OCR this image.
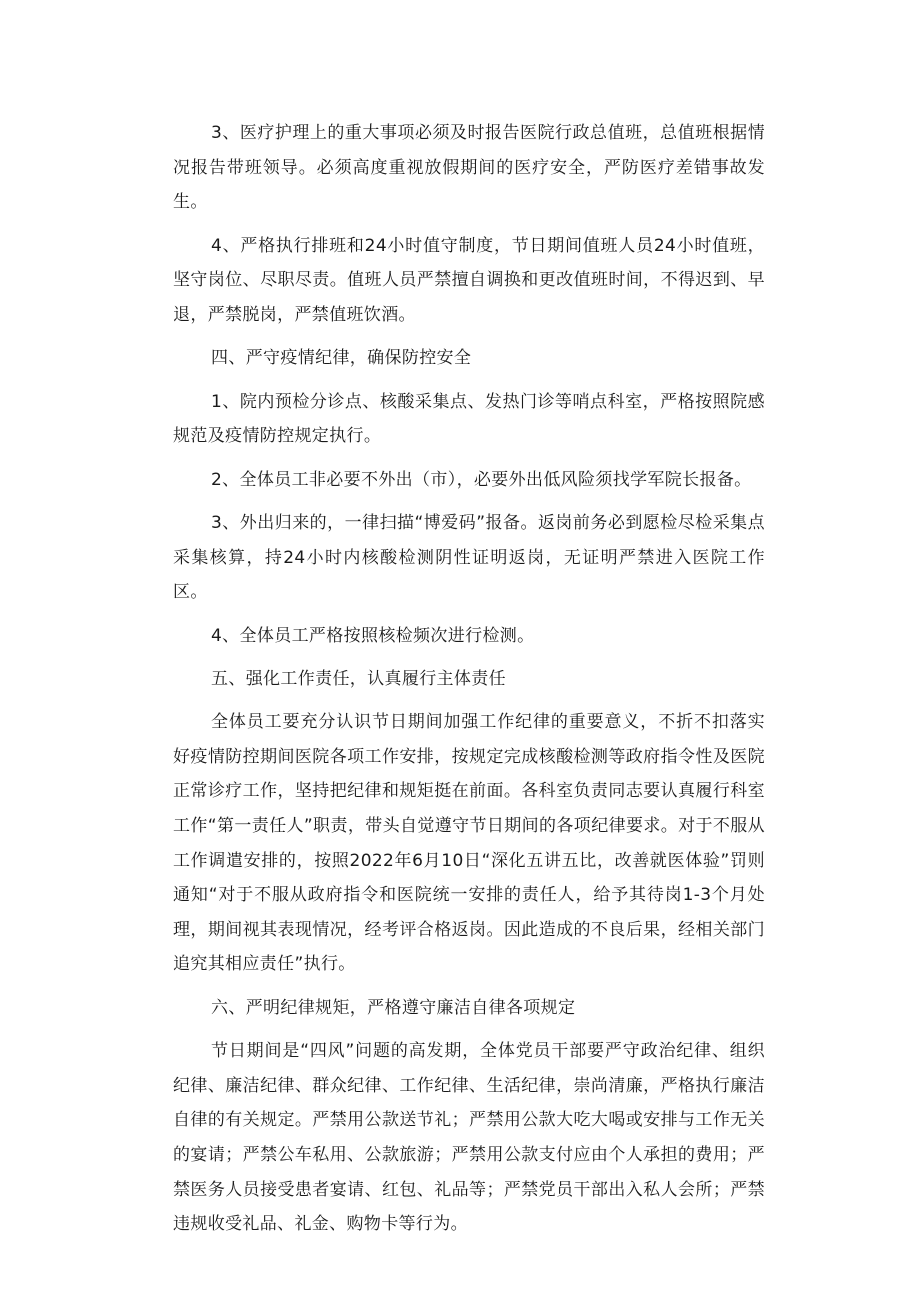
3、医疗护理上的重大事项必须及时报告医院行政总值班，总值班根据情况报告带班领导。必须高度重视放假期间的医疗安全，严防医疗差错事故发生。

4、严格执行排班和24小时值守制度，节日期间值班人员24小时值班，坚守岗位、尽职尽责。值班人员严禁擅自调换和更改值班时间，不得迟到、早退，严禁脱岗，严禁值班饮酒。

四、严守疫情纪律，确保防控安全

1、院内预检分诊点、核酸采集点、发热门诊等哨点科室，严格按照院感规范及疫情防控规定执行。

2、全体员工非必要不外出（市），必要外出低风险须找学军院长报备。

3、外出归来的，一律扫描“博爱码”报备。返岗前务必到愿检尽检采集点采集核算，持24小时内核酸检测阴性证明返岗，无证明严禁进入医院工作区。

4、全体员工严格按照核检频次进行检测。

五、强化工作责任，认真履行主体责任

全体员工要充分认识节日期间加强工作纪律的重要意义，不折不扣落实好疫情防控期间医院各项工作安排，按规定完成核酸检测等政府指令性及医院正常诊疗工作，坚持把纪律和规矩挺在前面。各科室负责同志要认真履行科室工作“第一责任人”职责，带头自觉遵守节日期间的各项纪律要求。对于不服从工作调遣安排的，按照2022年6月10日“深化五讲五比，改善就医体验”罚则通知“对于不服从政府指令和医院统一安排的责任人，给予其待岗1-3个月处理，期间视其表现情况，经考评合格返岗。因此造成的不良后果，经相关部门追究其相应责任”执行。

六、严明纪律规矩，严格遵守廉洁自律各项规定

节日期间是“四风”问题的高发期，全体党员干部要严守政治纪律、组织纪律、廉洁纪律、群众纪律、工作纪律、生活纪律，崇尚清廉，严格执行廉洁自律的有关规定。严禁用公款送节礼；严禁用公款大吃大喝或安排与工作无关的宴请；严禁公车私用、公款旅游；严禁用公款支付应由个人承担的费用；严禁医务人员接受患者宴请、红包、礼品等；严禁党员干部出入私人会所；严禁违规收受礼品、礼金、购物卡等行为。
